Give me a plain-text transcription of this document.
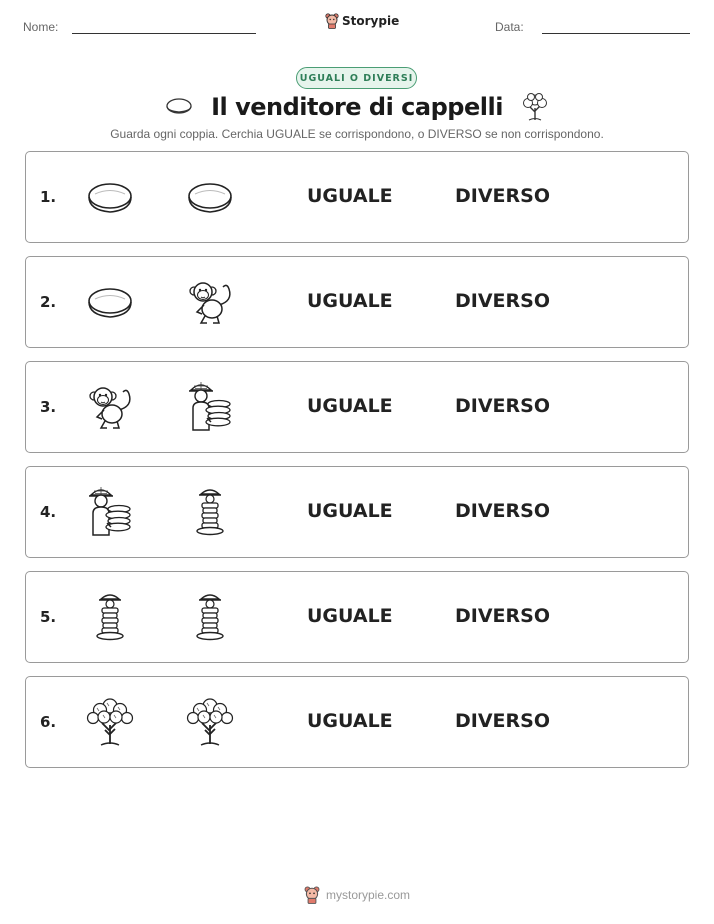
Nome:	Storypie	Data:
UGUALI O DIVERSI
Il venditore di cappelli
Guarda ogni coppia. Cerchia UGUALE se corrispondono, o DIVERSO se non corrispondono.
1.	UGUALE	DIVERSO
2.	UGUALE	DIVERSO
3.	UGUALE	DIVERSO
4.	UGUALE	DIVERSO
5.	UGUALE	DIVERSO
6.	UGUALE	DIVERSO
mystorypie.com
